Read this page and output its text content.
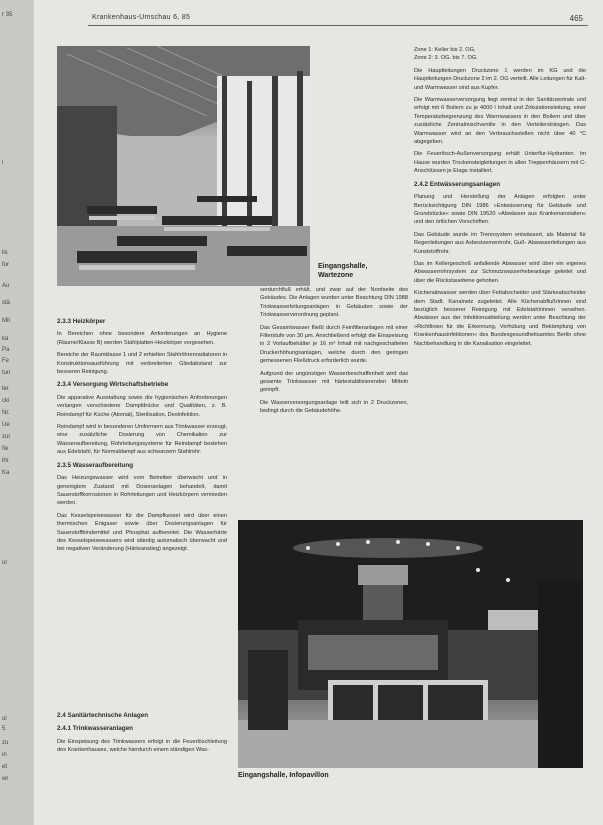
r 35
l
lis
for
Au
stä
Mit
ka
Pa
Fe
tun
ler
cki
Nr.
Ue
zur
fie
ihr
Ka
ul
ol
5
zu
in
et
wr
Krankenhaus-Umschau 6, 85	465
Eingangshalle,
Wartezone
Eingangshalle, Infopavillon
2.3.3 Heizkörper

In Bereichen ohne besondere Anforderungen an Hygiene (Räume/Klasse B) werden Stahlplatten-Heizkörper vorgesehen.

Bereiche der Raumklasse 1 und 2 erhielten Stahlröhrenradiatoren in Konstruktionsausführung mit verbreiterten Gliedabstand zur besseren Reinigung.

2.3.4 Versorgung Wirtschaftsbetriebe

Die apparative Ausstattung sowie die hygienischen Anforderungen verlangen verschiedene Dampfdrücke und Qualitäten, z. B. Reindampf für Küche (Atomat), Sterilisation, Desinfektion.

Reindampf wird in besonderen Umformern aus Trinkwasser erzeugt, eine zusätzliche Dosierung von Chemikalien zur Wasseraufbereitung, Rohrleitungssysteme für Reindampf bestehen aus Edelstahl, für Normaldampf aus schwarzem Stahlrohr.

2.3.5 Wasseraufbereitung

Das Heizungswasser wird vom Betreiber überwacht und in gereinigtem Zustand mit Dosieranlagen behandelt, damit Sauerstoffkorrosionen in Rohrleitungen und Heizkörpern vermieden werden.

Das Kesselspeisewasser für die Dampfkessel wird über einen thermischen Entgaser sowie über Dosierungsanlagen für Sauerstoffbindemittel und Phosphat aufbereitet. Die Wasserhärte des Kesselspeisewassers wird ständig automatisch überwacht und bei negativen Veränderung (Härteanstieg) angezeigt.

2.4 Sanitärtechnische Anlagen
2.4.1 Trinkwasseranlagen

Die Einspeisung des Trinkwassers erfolgt in die Feuerlöschleitung des Krankenhauses, welche hierdurch einem ständigen Was-

serdurchfluß erhält, und zwar auf der Nordseite des Gebäudes. Die Anlagen wurden unter Beachtung DIN 1988 Trinkwasserleitungsanlagen in Gebäuden sowie der Trinkwasserverordnung geplant.

Das Gesamtwasser fließt durch Feinfilteranlagen mit einer Filterstufe von 30 µm. Anschließend erfolgt die Einspeisung in 2 Vorlaufbehälter je 16 m³ Inhalt mit nachgeschalteten Druckerhöhungsanlagen, welche durch den geringen gemessenen Fließdruck erforderlich wurde.

Aufgrund der ungünstigen Wasserbeschaffenheit wird das gesamte Trinkwasser mit härtestabilisierenden Mitteln geimpft.

Die Wasserversorgungsanlage teilt sich in 2 Druckzonen, bedingt durch die Gebäudehöhe.

Zone 1: Keller bis 2. OG,

Zone 2: 3. OG. bis 7. OG.

Die Hauptleitungen Druckzone 1 werden im KG und die Hauptleitungen Druckzone 2 im 2. OG verteilt. Alle Leitungen für Kalt- und Warmwasser sind aus Kupfer.

Die Warmwasserversorgung liegt zentral in der Sanitärzentrale und erfolgt mit 6 Boilern zu je 4000 l Inhalt und Zirkulationsleitung, einer Temperaturbegrenzung des Warmwassers in den Boilern und über zusätzliche Zentralmischventile in den Verteilersträngen. Das Warmwasser wird an den Verbrauchsstellen nicht über 40 °C abgegeben.

Die Feuerlösch-Außenversorgung erhält Unterflur-Hydranten. Im Hause wurden Trockensteigleitungen in allen Treppenhäusern mit C-Anschlüssen je Etage installiert.

2.4.2 Entwässerungsanlagen

Planung und Herstellung der Anlagen erfolgten unter Berücksichtigung DIN 1986 »Entwässerung für Gebäude und Grundstücke« sowie DIN 19520 »Abwässer aus Krankenanstalten« und den örtlichen Vorschriften.

Das Gebäude wurde im Trennsystem entwässert, als Material für Regenleitungen aus Asbestzementrohr, Guß- Abwasserleitungen aus Kunststoffrohr.

Das im Kellergeschoß anfallende Abwasser wird über ein eigenes Abwasserrohrsystem zur Schmutzwasserhebeanlage geleitet und über die Rückstauebene gehoben.

Küchenabwasser werden über Fettabscheider und Stärkeabscheider dem Stadt. Kanalnetz zugeleitet. Alle Küchenabflußrinnen sind bezüglich besserer Reinigung mit Edelstahlrinnen versehen. Abwässer aus der Infektionsabteilung werden unter Beachtung der »Richtlinien für die Erkennung, Verhütung und Bekämpfung von Krankenhausinfektionen« des Bundesgesundheitsamtes Berlin ohne Nachbehandlung in die Kanalisation eingeleitet.
